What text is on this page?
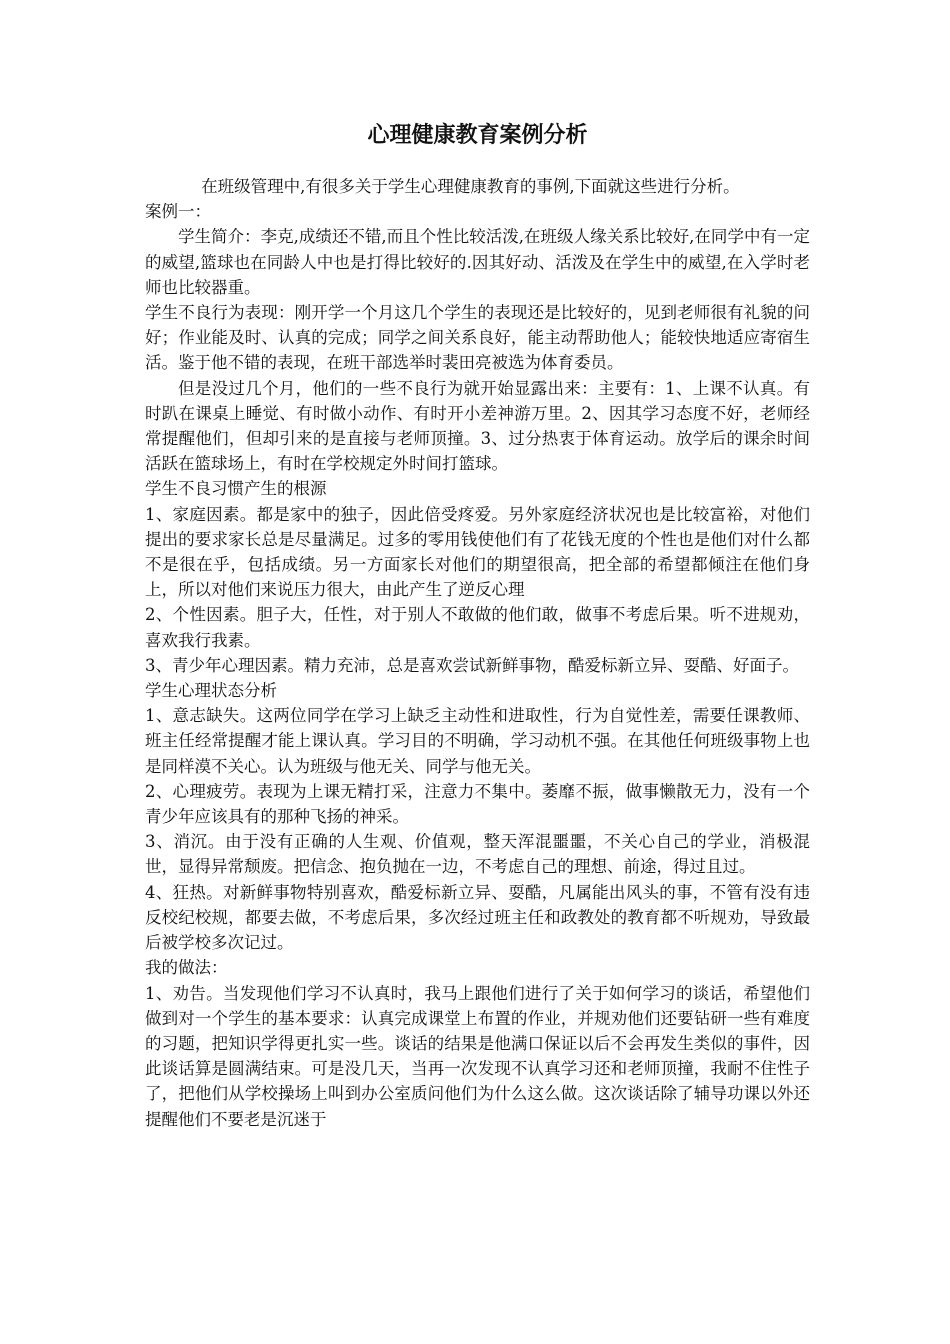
心理健康教育案例分析

在班级管理中,有很多关于学生心理健康教育的事例,下面就这些进行分析。

案例一：

学生简介：李克,成绩还不错,而且个性比较活泼,在班级人缘关系比较好,在同学中有一定的威望,篮球也在同龄人中也是打得比较好的.因其好动、活泼及在学生中的威望,在入学时老师也比较器重。

学生不良行为表现：刚开学一个月这几个学生的表现还是比较好的，见到老师很有礼貌的问好；作业能及时、认真的完成；同学之间关系良好，能主动帮助他人；能较快地适应寄宿生活。鉴于他不错的表现，在班干部选举时裴田亮被选为体育委员。

但是没过几个月，他们的一些不良行为就开始显露出来：主要有：1、上课不认真。有时趴在课桌上睡觉、有时做小动作、有时开小差神游万里。2、因其学习态度不好，老师经常提醒他们，但却引来的是直接与老师顶撞。3、过分热衷于体育运动。放学后的课余时间活跃在篮球场上，有时在学校规定外时间打篮球。

学生不良习惯产生的根源

1、家庭因素。都是家中的独子，因此倍受疼爱。另外家庭经济状况也是比较富裕，对他们提出的要求家长总是尽量满足。过多的零用钱使他们有了花钱无度的个性也是他们对什么都不是很在乎，包括成绩。另一方面家长对他们的期望很高，把全部的希望都倾注在他们身上，所以对他们来说压力很大，由此产生了逆反心理

2、个性因素。胆子大，任性，对于别人不敢做的他们敢，做事不考虑后果。听不进规劝，喜欢我行我素。

3、青少年心理因素。精力充沛，总是喜欢尝试新鲜事物，酷爱标新立异、耍酷、好面子。

学生心理状态分析

1、意志缺失。这两位同学在学习上缺乏主动性和进取性，行为自觉性差，需要任课教师、班主任经常提醒才能上课认真。学习目的不明确，学习动机不强。在其他任何班级事物上也是同样漠不关心。认为班级与他无关、同学与他无关。

2、心理疲劳。表现为上课无精打采，注意力不集中。萎靡不振，做事懒散无力，没有一个青少年应该具有的那种飞扬的神采。

3、消沉。由于没有正确的人生观、价值观，整天浑混噩噩，不关心自己的学业，消极混世，显得异常颓废。把信念、抱负抛在一边，不考虑自己的理想、前途，得过且过。

4、狂热。对新鲜事物特别喜欢，酷爱标新立异、耍酷，凡属能出风头的事，不管有没有违反校纪校规，都要去做，不考虑后果，多次经过班主任和政教处的教育都不听规劝，导致最后被学校多次记过。

我的做法：

1、劝告。当发现他们学习不认真时，我马上跟他们进行了关于如何学习的谈话，希望他们做到对一个学生的基本要求：认真完成课堂上布置的作业，并规劝他们还要钻研一些有难度的习题，把知识学得更扎实一些。谈话的结果是他满口保证以后不会再发生类似的事件，因此谈话算是圆满结束。可是没几天，当再一次发现不认真学习还和老师顶撞，我耐不住性子了，把他们从学校操场上叫到办公室质问他们为什么这么做。这次谈话除了辅导功课以外还提醒他们不要老是沉迷于
